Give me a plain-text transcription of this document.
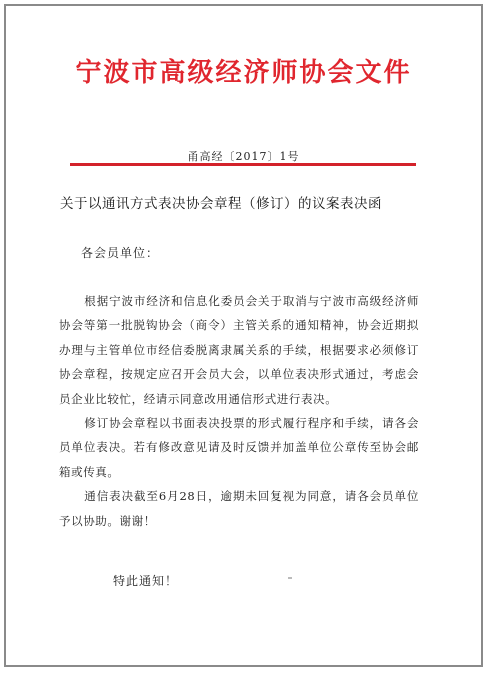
宁波市高级经济师协会文件
甬高经〔2017〕1号
关于以通讯方式表决协会章程（修订）的议案表决函
各会员单位：

根据宁波市经济和信息化委员会关于取消与宁波市高级经济师协会等第一批脱钩协会（商令）主管关系的通知精神，协会近期拟办理与主管单位市经信委脱离隶属关系的手续，根据要求必须修订协会章程，按规定应召开会员大会，以单位表决形式通过，考虑会员企业比较忙，经请示同意改用通信形式进行表决。

修订协会章程以书面表决投票的形式履行程序和手续，请各会员单位表决。若有修改意见请及时反馈并加盖单位公章传至协会邮箱或传真。

通信表决截至6月28日，逾期未回复视为同意，请各会员单位予以协助。谢谢！

特此通知！
